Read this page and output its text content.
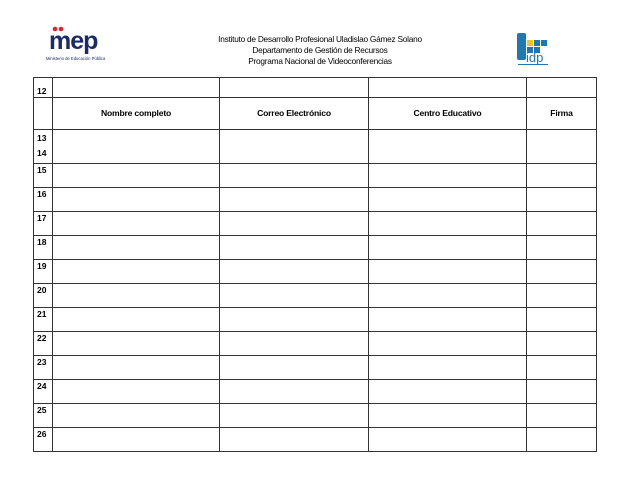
mep
Ministerio de Educación Pública
Instituto de Desarrollo Profesional Uladislao Gámez Solano
Departamento de Gestión de Recursos
Programa Nacional de Videoconferencias	idp
12				
	Nombre completo	Correo Electrónico	Centro Educativo	Firma

13
14				

15				
16				
17				
18				
19				
20				
21				
22				
23				
24				
25				
26				
